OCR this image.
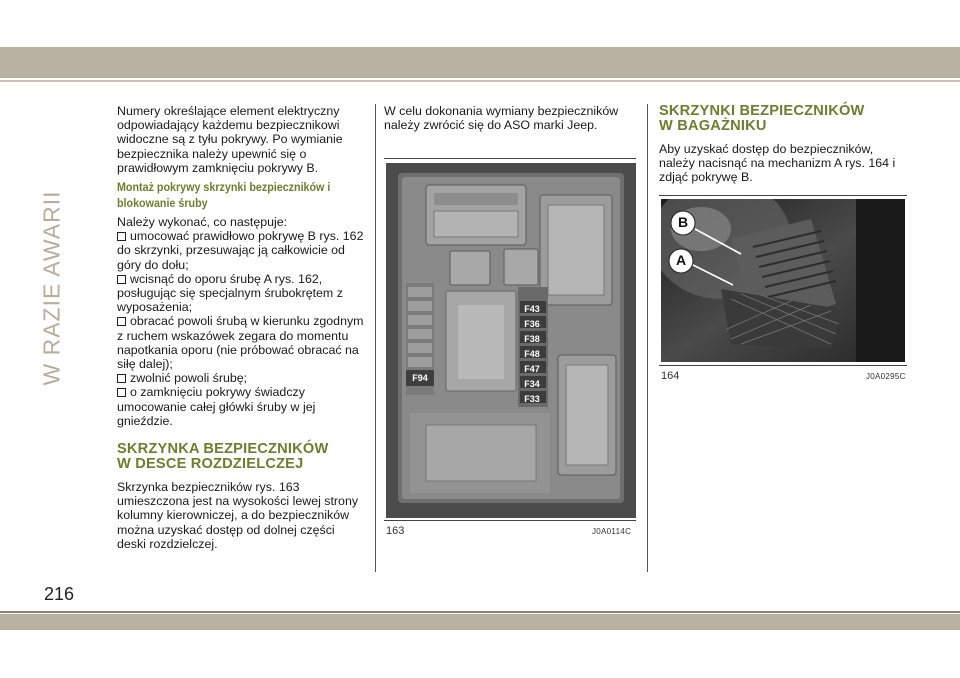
W RAZIE AWARII

Numery określające element elektryczny odpowiadający każdemu bezpiecznikowi widoczne są z tyłu pokrywy. Po wymianie bezpiecznika należy upewnić się o prawidłowym zamknięciu pokrywy B.

Montaż pokrywy skrzynki bezpieczników i blokowanie śruby

Należy wykonać, co następuje:

umocować prawidłowo pokrywę B rys. 162 do skrzynki, przesuwając ją całkowicie od góry do dołu;
wcisnąć do oporu śrubę A rys. 162, posługując się specjalnym śrubokrętem z wyposażenia;
obracać powoli śrubą w kierunku zgodnym z ruchem wskazówek zegara do momentu napotkania oporu (nie próbować obracać na siłę dalej);
zwolnić powoli śrubę;
o zamknięciu pokrywy świadczy umocowanie całej główki śruby w jej gnieździe.
SKRZYNKA BEZPIECZNIKÓW
W DESCE ROZDZIELCZEJ

Skrzynka bezpieczników rys. 163 umieszczona jest na wysokości lewej strony kolumny kierowniczej, a do bezpieczników można uzyskać dostęp od dolnej części deski rozdzielczej.

W celu dokonania wymiany bezpieczników należy zwrócić się do ASO marki Jeep.

F43
F36
F38
F48
F47
F34
F33
F94
163	J0A0114C
SKRZYNKI BEZPIECZNIKÓW
W BAGAŻNIKU

Aby uzyskać dostęp do bezpieczników, należy nacisnąć na mechanizm A rys. 164 i zdjąć pokrywę B.

B
A
164	J0A0295C
216
